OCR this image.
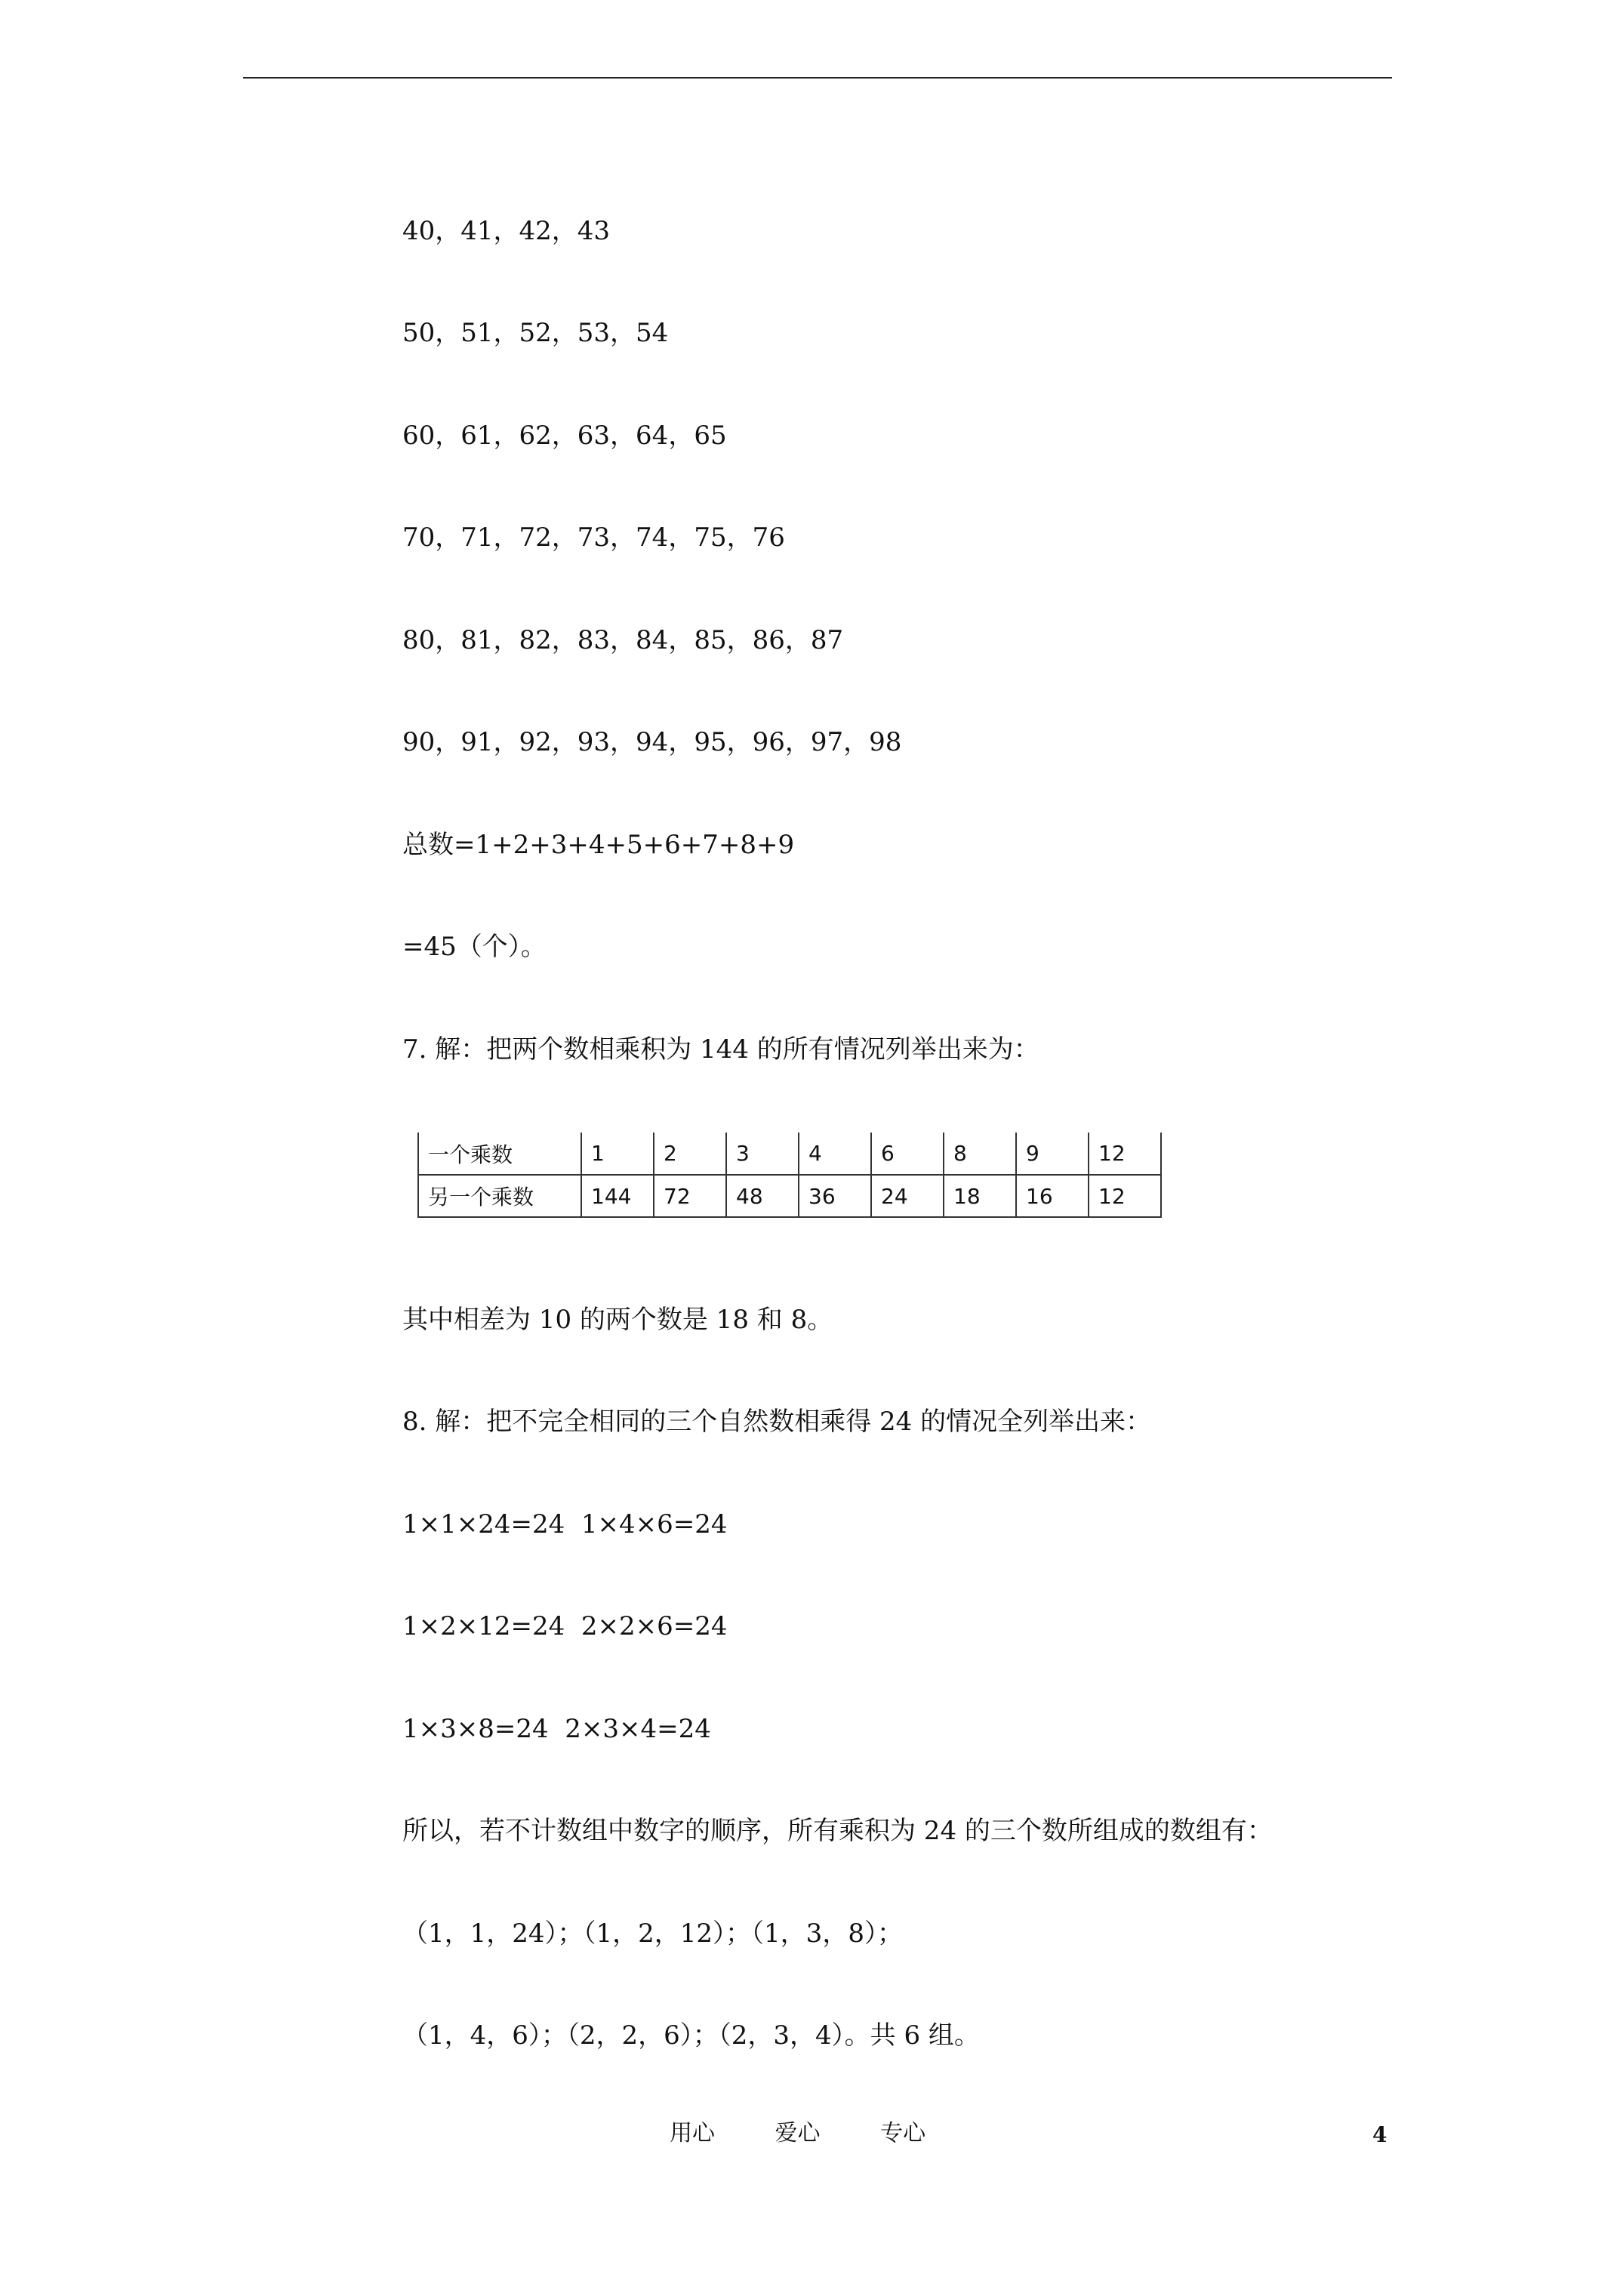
40，41，42，43
50，51，52，53，54
60，61，62，63，64，65
70，71，72，73，74，75，76
80，81，82，83，84，85，86，87
90，91，92，93，94，95，96，97，98
总数=1+2+3+4+5+6+7+8+9
=45（个）。
7. 解：把两个数相乘积为 144 的所有情况列举出来为：
一个乘数	1	2	3	4	6	8	9	12
另一个乘数	144	72	48	36	24	18	16	12
其中相差为 10 的两个数是 18 和 8。
8. 解：把不完全相同的三个自然数相乘得 24 的情况全列举出来：
1×1×24=24  1×4×6=24
1×2×12=24  2×2×6=24
1×3×8=24  2×3×4=24
所以，若不计数组中数字的顺序，所有乘积为 24 的三个数所组成的数组有：
（1，1，24）；（1，2，12）；（1，3，8）；
（1，4，6）；（2，2，6）；（2，3，4）。共 6 组。
用心	爱心	专心	4
